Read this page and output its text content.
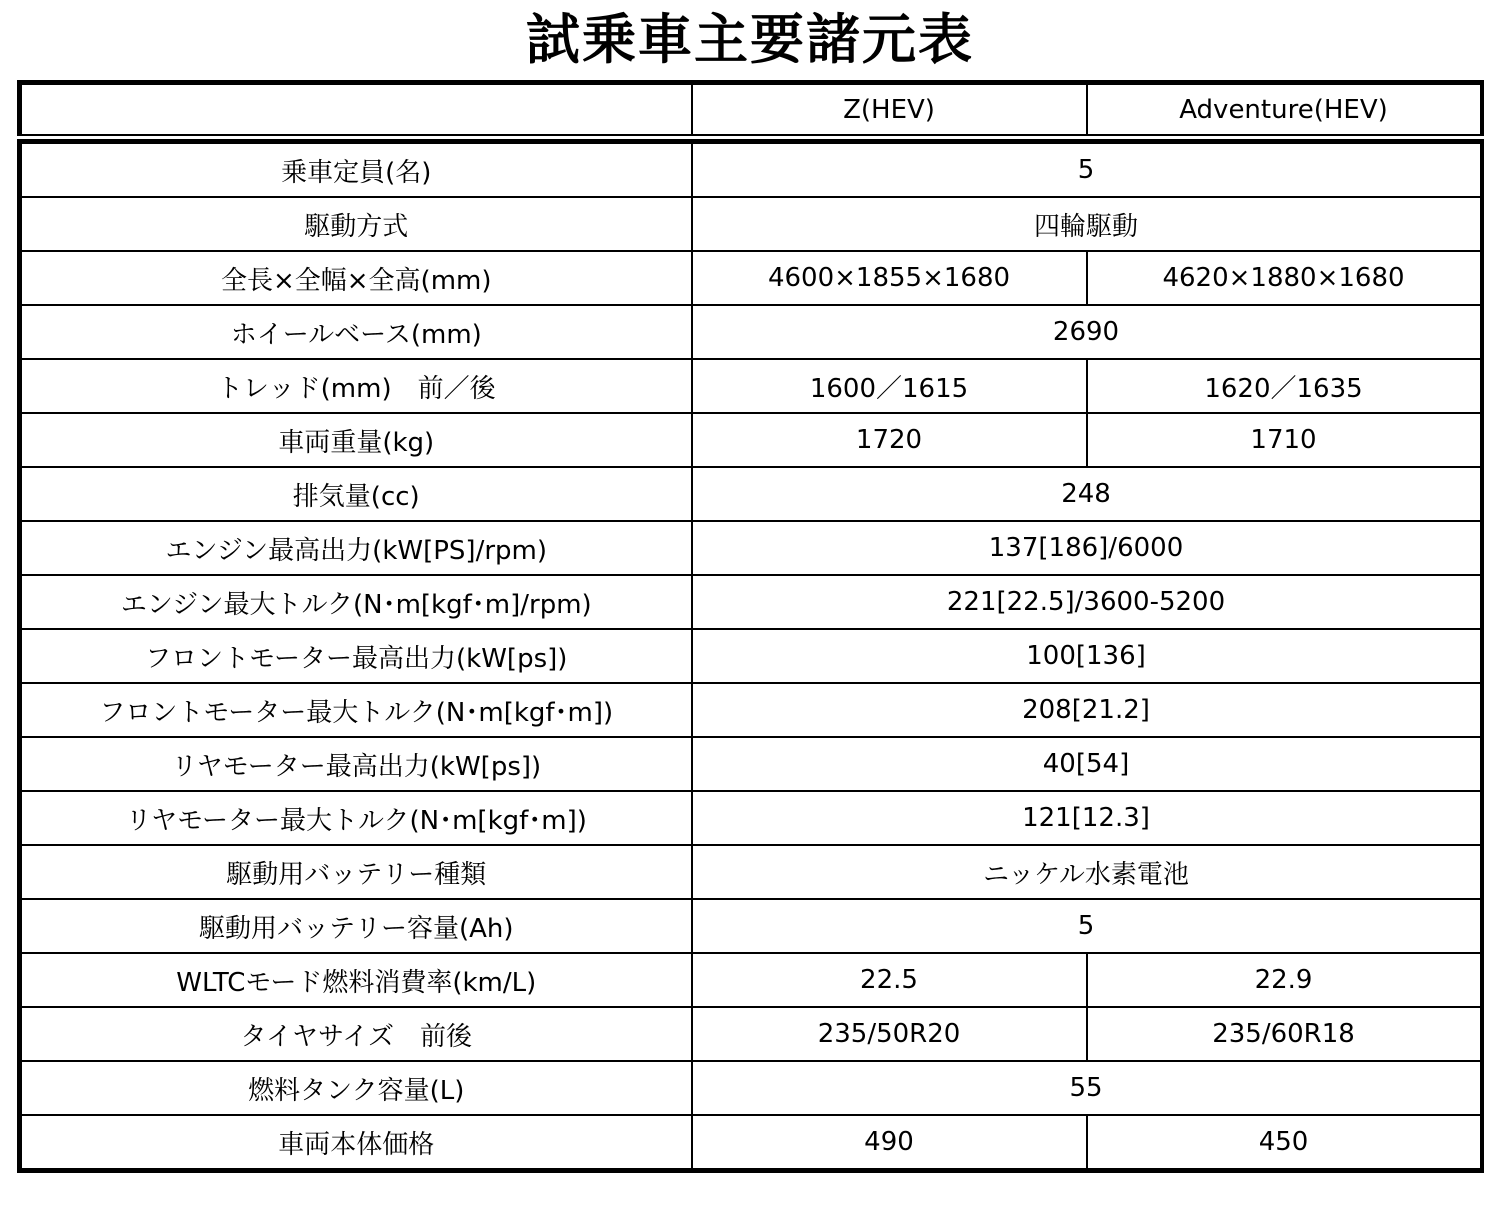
試乗車主要諸元表
	Z(HEV)	Adventure(HEV)
乗車定員(名)	5	
駆動方式	四輪駆動	
全長×全幅×全高(mm)	4600×1855×1680	4620×1880×1680
ホイールベース(mm)	2690	
トレッド(mm)　前／後	1600／1615	1620／1635
車両重量(kg)	1720	1710
排気量(cc)	248	
エンジン最高出力(kW[PS]/rpm)	137[186]/6000	
エンジン最大トルク(N･m[kgf･m]/rpm)	221[22.5]/3600-5200	
フロントモーター最高出力(kW[ps])	100[136]	
フロントモーター最大トルク(N･m[kgf･m])	208[21.2]	
リヤモーター最高出力(kW[ps])	40[54]	
リヤモーター最大トルク(N･m[kgf･m])	121[12.3]	
駆動用バッテリー種類	ニッケル水素電池	
駆動用バッテリー容量(Ah)	5	
WLTCモード燃料消費率(km/L)	22.5	22.9
タイヤサイズ　前後	235/50R20	235/60R18
燃料タンク容量(L)	55	
車両本体価格	490	450
